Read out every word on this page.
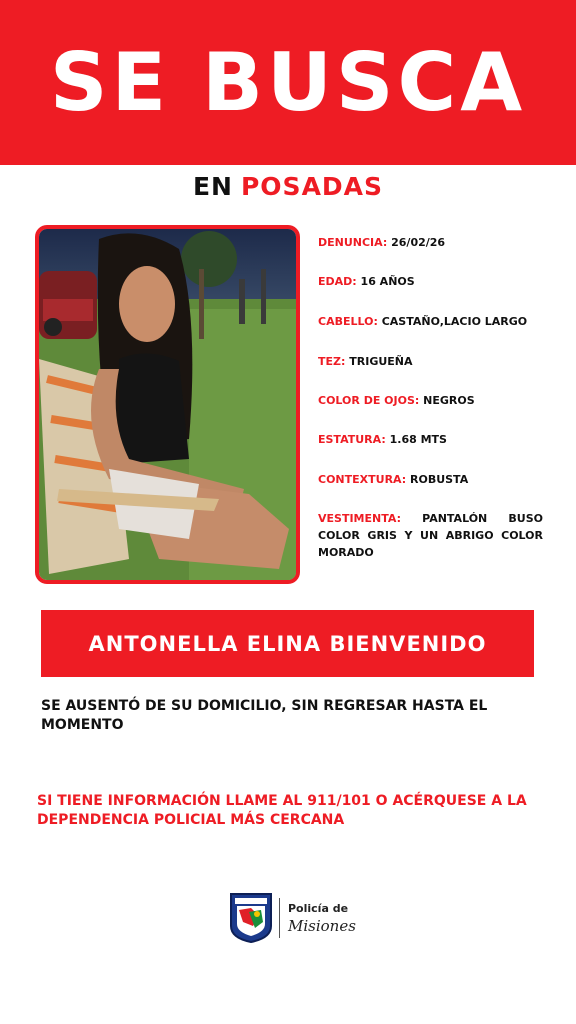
SE BUSCA
EN POSADAS
DENUNCIA: 26/02/26
EDAD: 16 AÑOS
CABELLO: CASTAÑO,LACIO LARGO
TEZ: TRIGUEÑA
COLOR DE OJOS: NEGROS
ESTATURA: 1.68 MTS
CONTEXTURA: ROBUSTA
VESTIMENTA: PANTALÓN BUSO COLOR GRIS Y UN ABRIGO COLOR MORADO
ANTONELLA ELINA BIENVENIDO
SE AUSENTÓ DE SU DOMICILIO, SIN REGRESAR HASTA EL MOMENTO
SI TIENE INFORMACIÓN LLAME AL 911/101 O ACÉRQUESE A LA DEPENDENCIA POLICIAL MÁS CERCANA
Policía de
Misiones
